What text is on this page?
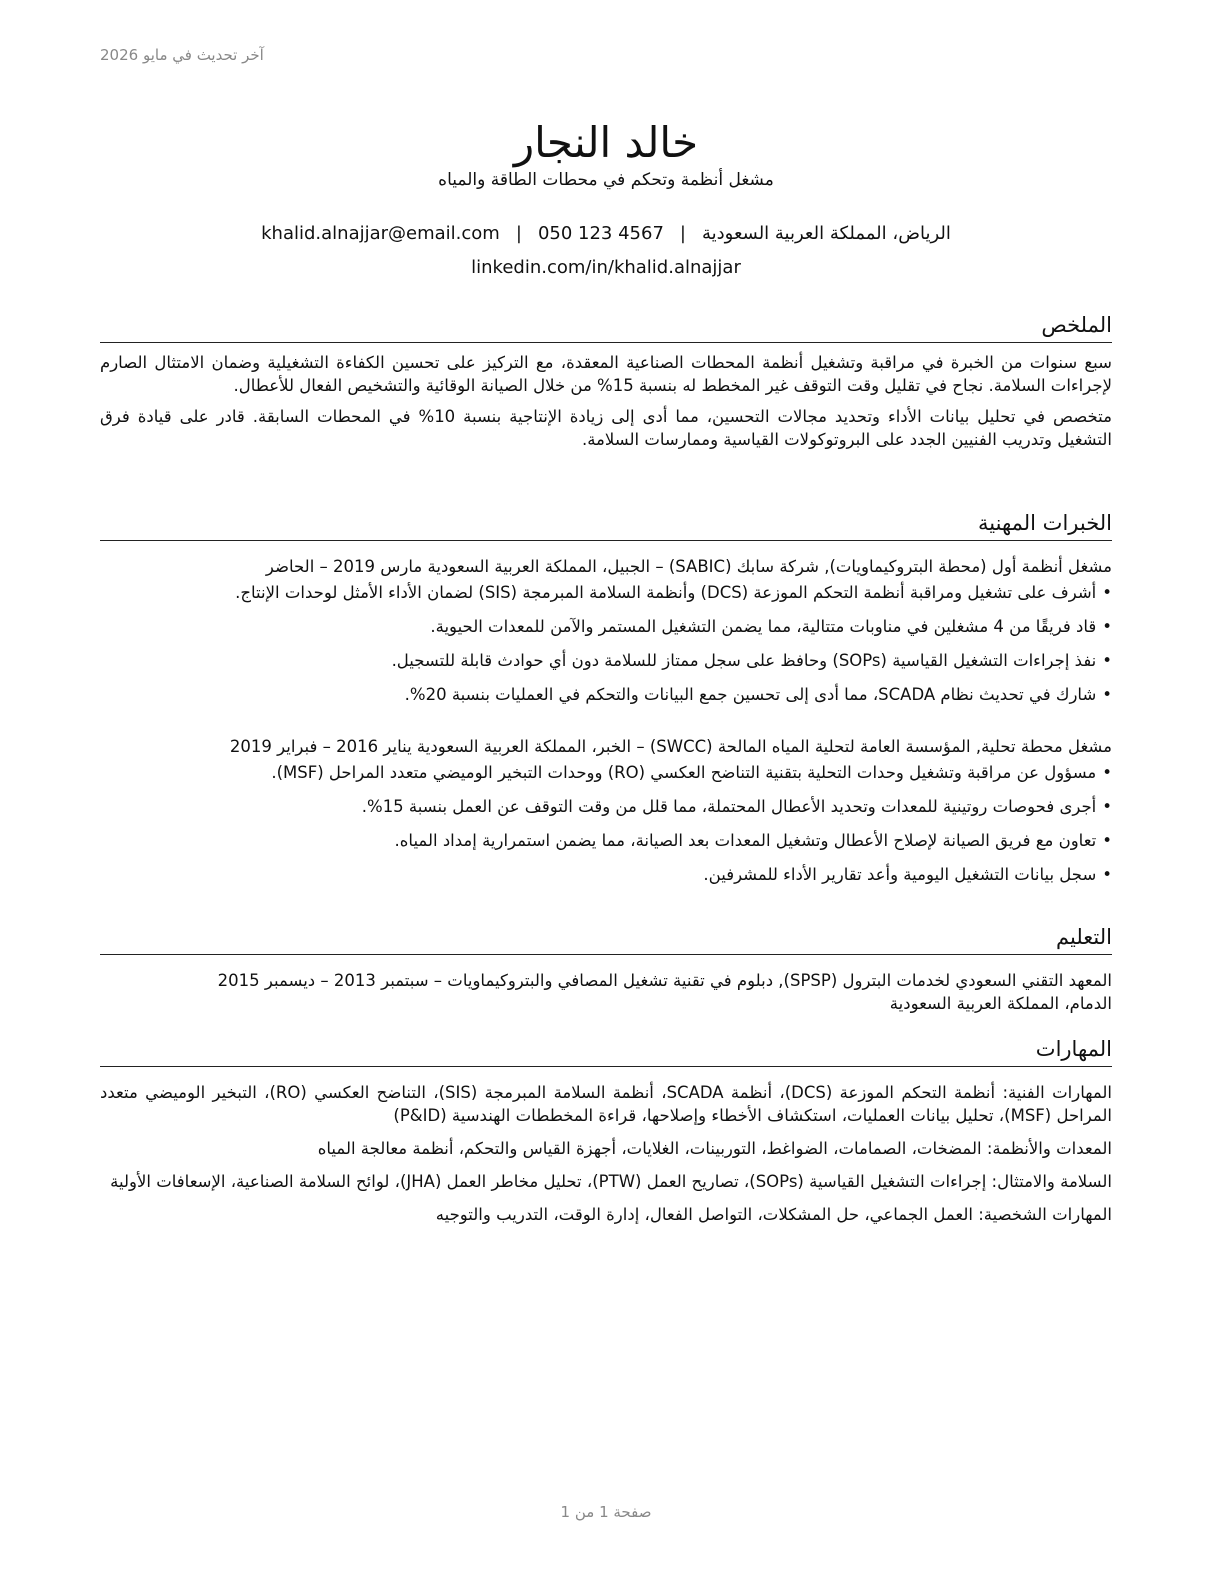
آخر تحديث في مايو 2026
خالد النجار
مشغل أنظمة وتحكم في محطات الطاقة والمياه
الرياض، المملكة العربية السعودية|khalid.alnajjar@email.com | 050 123 4567
linkedin.com/in/khalid.alnajjar
الملخص

سبع سنوات من الخبرة في مراقبة وتشغيل أنظمة المحطات الصناعية المعقدة، مع التركيز على تحسين الكفاءة التشغيلية وضمان الامتثال الصارم لإجراءات السلامة. نجاح في تقليل وقت التوقف غير المخطط له بنسبة 15% من خلال الصيانة الوقائية والتشخيص الفعال للأعطال.

متخصص في تحليل بيانات الأداء وتحديد مجالات التحسين، مما أدى إلى زيادة الإنتاجية بنسبة 10% في المحطات السابقة. قادر على قيادة فرق التشغيل وتدريب الفنيين الجدد على البروتوكولات القياسية وممارسات السلامة.

الخبرات المهنية

مشغل أنظمة أول (محطة البتروكيماويات), شركة سابك (SABIC) – الجبيل، المملكة العربية السعودية مارس 2019 – الحاضر

• أشرف على تشغيل ومراقبة أنظمة التحكم الموزعة (DCS) وأنظمة السلامة المبرمجة (SIS) لضمان الأداء الأمثل لوحدات الإنتاج.
• قاد فريقًا من 4 مشغلين في مناوبات متتالية، مما يضمن التشغيل المستمر والآمن للمعدات الحيوية.
• نفذ إجراءات التشغيل القياسية (SOPs) وحافظ على سجل ممتاز للسلامة دون أي حوادث قابلة للتسجيل.
• شارك في تحديث نظام SCADA، مما أدى إلى تحسين جمع البيانات والتحكم في العمليات بنسبة 20%.

مشغل محطة تحلية, المؤسسة العامة لتحلية المياه المالحة (SWCC) – الخبر، المملكة العربية السعودية يناير 2016 – فبراير 2019

• مسؤول عن مراقبة وتشغيل وحدات التحلية بتقنية التناضح العكسي (RO) ووحدات التبخير الوميضي متعدد المراحل (MSF).
• أجرى فحوصات روتينية للمعدات وتحديد الأعطال المحتملة، مما قلل من وقت التوقف عن العمل بنسبة 15%.
• تعاون مع فريق الصيانة لإصلاح الأعطال وتشغيل المعدات بعد الصيانة، مما يضمن استمرارية إمداد المياه.
• سجل بيانات التشغيل اليومية وأعد تقارير الأداء للمشرفين.
التعليم

المعهد التقني السعودي لخدمات البترول (SPSP), دبلوم في تقنية تشغيل المصافي والبتروكيماويات – سبتمبر 2013 – ديسمبر 2015

الدمام، المملكة العربية السعودية

المهارات

المهارات الفنية: أنظمة التحكم الموزعة (DCS)، أنظمة SCADA، أنظمة السلامة المبرمجة (SIS)، التناضح العكسي (RO)، التبخير الوميضي متعدد المراحل (MSF)، تحليل بيانات العمليات، استكشاف الأخطاء وإصلاحها، قراءة المخططات الهندسية (P&ID)

المعدات والأنظمة: المضخات، الصمامات، الضواغط، التوربينات، الغلايات، أجهزة القياس والتحكم، أنظمة معالجة المياه

السلامة والامتثال: إجراءات التشغيل القياسية (SOPs)، تصاريح العمل (PTW)، تحليل مخاطر العمل (JHA)، لوائح السلامة الصناعية، الإسعافات الأولية

المهارات الشخصية: العمل الجماعي، حل المشكلات، التواصل الفعال، إدارة الوقت، التدريب والتوجيه

صفحة 1 من 1
